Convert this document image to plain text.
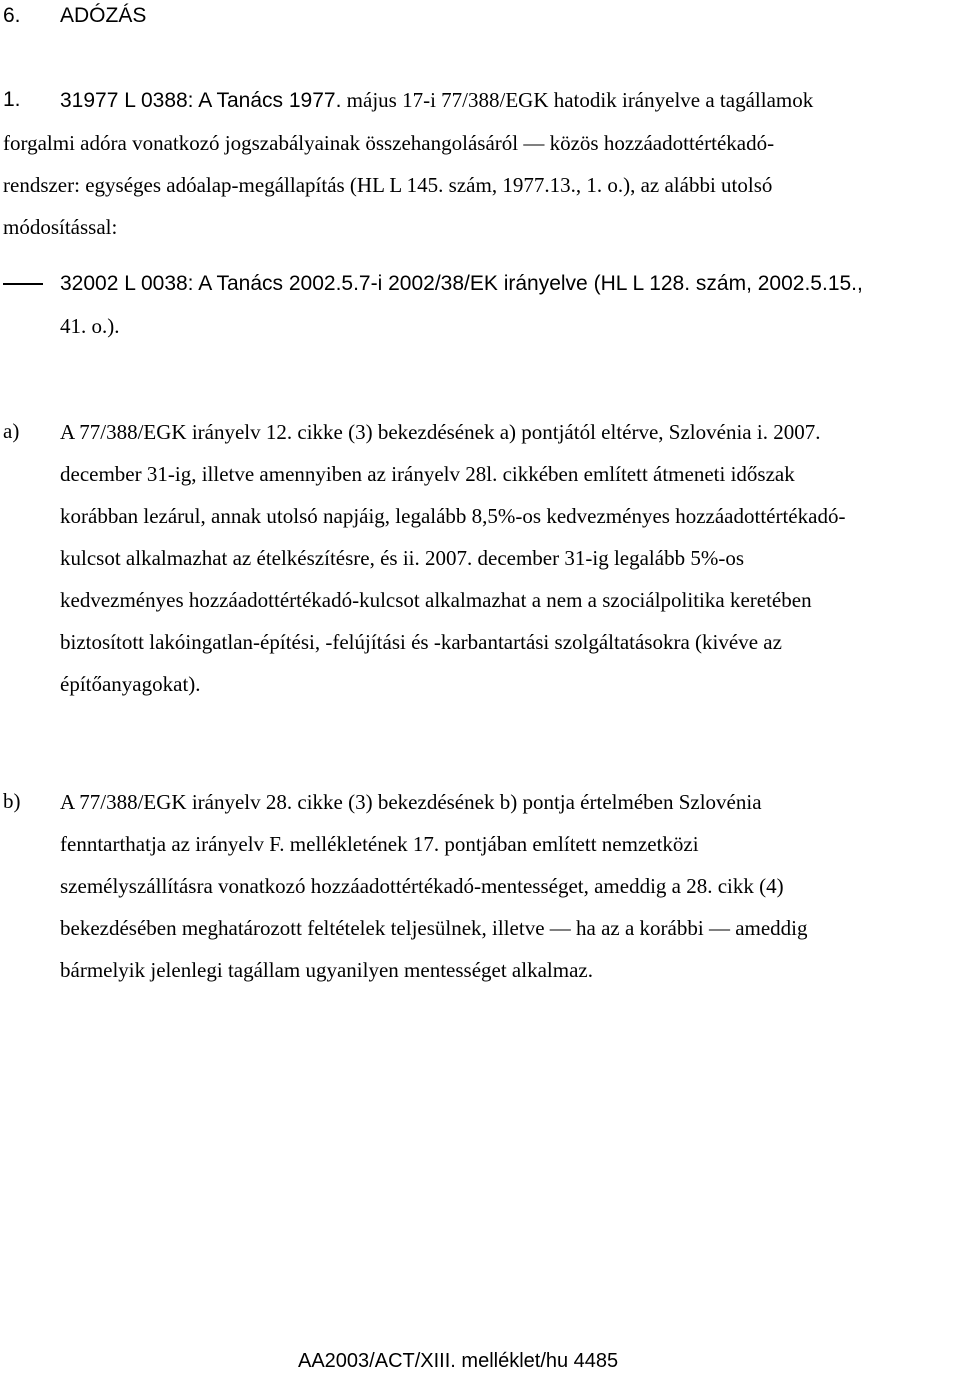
6. ADÓZÁS
1.	31977 L 0388: A Tanács 1977. május 17-i 77/388/EGK hatodik irányelve a tagállamok
forgalmi adóra vonatkozó jogszabályainak összehangolásáról — közös hozzáadottértékadó-
rendszer: egységes adóalap-megállapítás (HL L 145. szám, 1977.13., 1. o.), az alábbi utolsó
módosítással:
32002 L 0038: A Tanács 2002.5.7-i 2002/38/EK irányelve (HL L 128. szám, 2002.5.15.,
41. o.).
a) A 77/388/EGK irányelv 12. cikke (3) bekezdésének a) pontjától eltérve, Szlovénia i. 2007.
december 31-ig, illetve amennyiben az irányelv 28l. cikkében említett átmeneti időszak
korábban lezárul, annak utolsó napjáig, legalább 8,5%-os kedvezményes hozzáadottértékadó-
kulcsot alkalmazhat az ételkészítésre, és ii. 2007. december 31-ig legalább 5%-os
kedvezményes hozzáadottértékadó-kulcsot alkalmazhat a nem a szociálpolitika keretében
biztosított lakóingatlan-építési, -felújítási és -karbantartási szolgáltatásokra (kivéve az
építőanyagokat).
b) A 77/388/EGK irányelv 28. cikke (3) bekezdésének b) pontja értelmében Szlovénia
fenntarthatja az irányelv F. mellékletének 17. pontjában említett nemzetközi
személyszállításra vonatkozó hozzáadottértékadó-mentességet, ameddig a 28. cikk (4)
bekezdésében meghatározott feltételek teljesülnek, illetve — ha az a korábbi — ameddig
bármelyik jelenlegi tagállam ugyanilyen mentességet alkalmaz.
AA2003/ACT/XIII. melléklet/hu 4485
